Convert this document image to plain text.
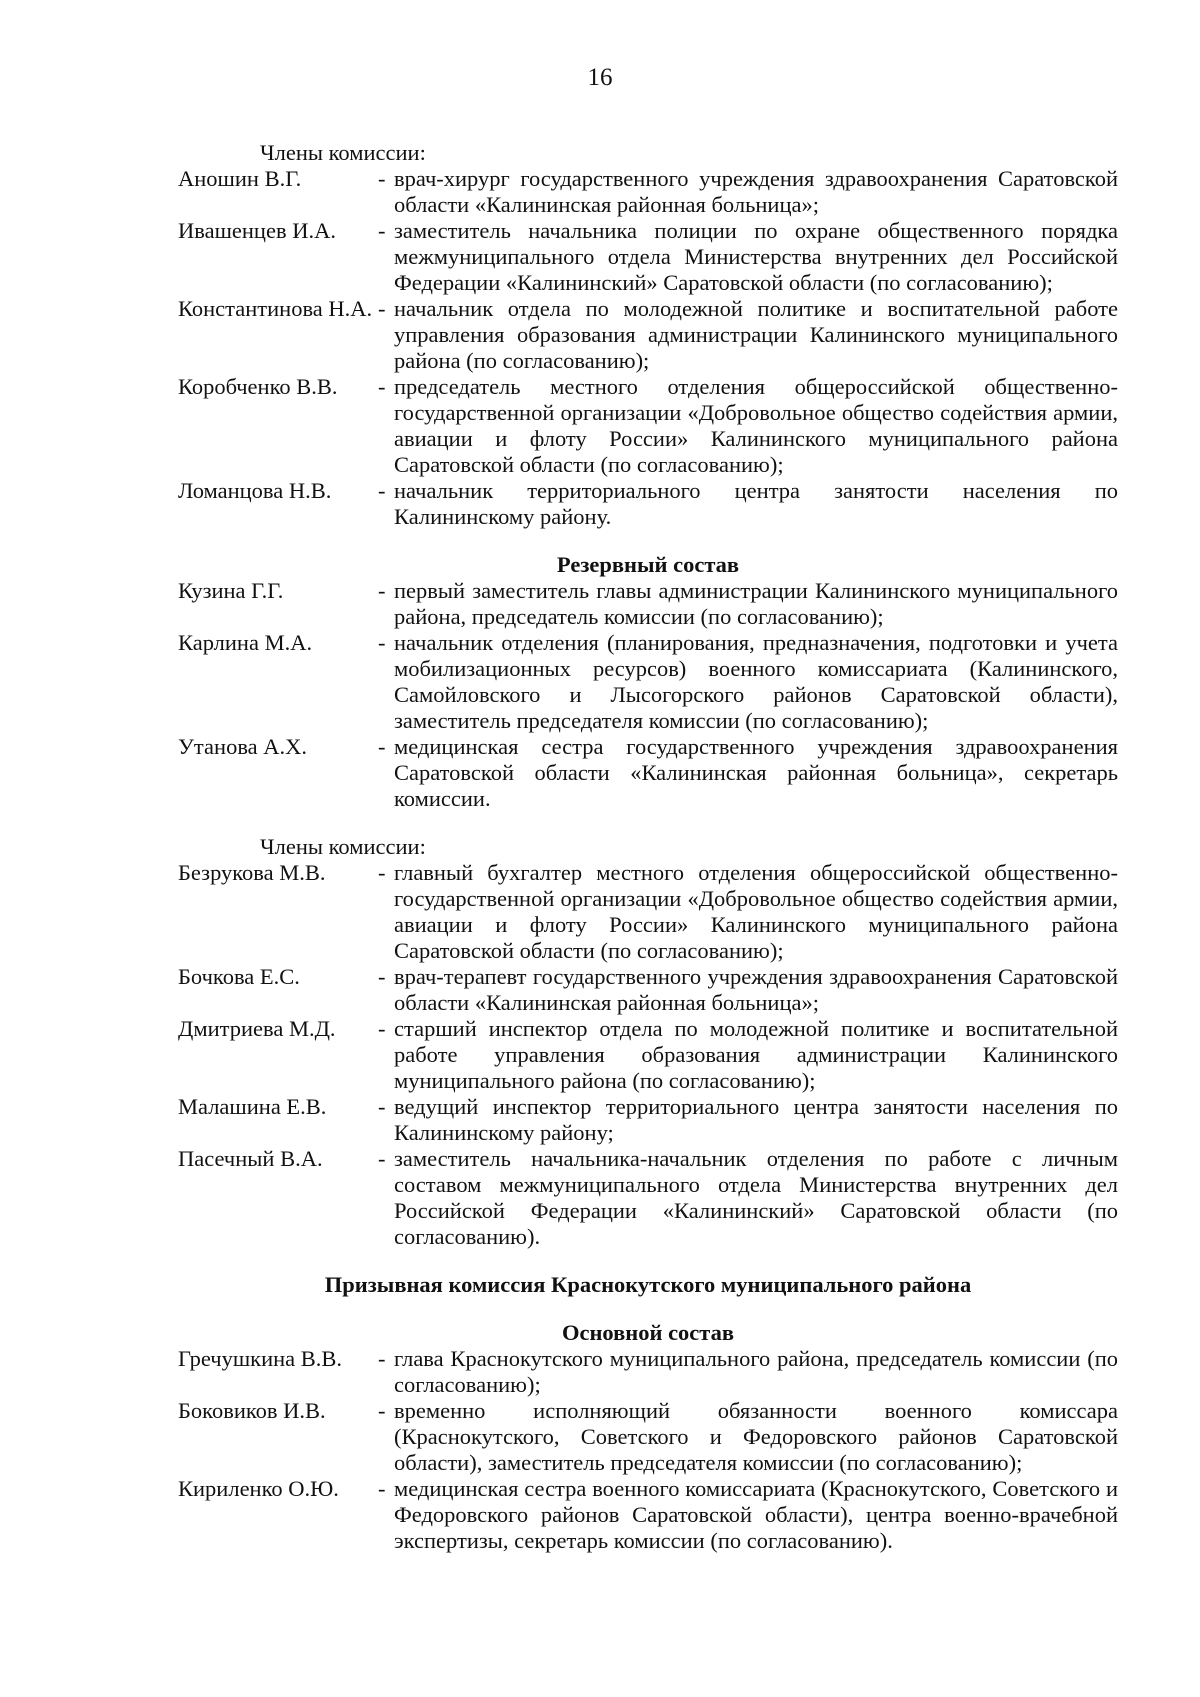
16

Члены комиссии:

Аношин В.Г.	- врач-хирург государственного учреждения здравоохранения Саратовской области «Калининская районная больница»;
Ивашенцев И.А.	- заместитель начальника полиции по охране общественного порядка межмуниципального отдела Министерства внутренних дел Российской Федерации «Калининский» Саратовской области (по согласованию);
Константинова Н.А. - начальник отдела по молодежной политике и воспитательной работе управления образования администрации Калининского муниципального района (по согласованию);
Коробченко В.В.	- председатель местного отделения общероссийской общественно-государственной организации «Добровольное общество содействия армии, авиации и флоту России» Калининского муниципального района Саратовской области (по согласованию);
Ломанцова Н.В.	- начальник территориального центра занятости населения по Калининскому району.

Резервный состав

Кузина Г.Г.	- первый заместитель главы администрации Калининского муниципального района, председатель комиссии (по согласованию);
Карлина М.А.	- начальник отделения (планирования, предназначения, подготовки и учета мобилизационных ресурсов) военного комиссариата (Калининского, Самойловского и Лысогорского районов Саратовской области), заместитель председателя комиссии (по согласованию);
Утанова А.Х.	- медицинская сестра государственного учреждения здравоохранения Саратовской области «Калининская районная больница», секретарь комиссии.

Члены комиссии:

Безрукова М.В.	- главный бухгалтер местного отделения общероссийской общественно-государственной организации «Добровольное общество содействия армии, авиации и флоту России» Калининского муниципального района Саратовской области (по согласованию);
Бочкова Е.С.	- врач-терапевт государственного учреждения здравоохранения Саратовской области «Калининская районная больница»;
Дмитриева М.Д.	- старший инспектор отдела по молодежной политике и воспитательной работе управления образования администрации Калининского муниципального района (по согласованию);
Малашина Е.В.	- ведущий инспектор территориального центра занятости населения по Калининскому району;
Пасечный В.А.	- заместитель начальника-начальник отделения по работе с личным составом межмуниципального отдела Министерства внутренних дел Российской Федерации «Калининский» Саратовской области (по согласованию).

Призывная комиссия Краснокутского муниципального района

Основной состав

Гречушкина В.В.	- глава Краснокутского муниципального района, председатель комиссии (по согласованию);
Боковиков И.В.	- временно исполняющий обязанности военного комиссара (Краснокутского, Советского и Федоровского районов Саратовской области), заместитель председателя комиссии (по согласованию);
Кириленко О.Ю.	- медицинская сестра военного комиссариата (Краснокутского, Советского и Федоровского районов Саратовской области), центра военно-врачебной экспертизы, секретарь комиссии (по согласованию).
